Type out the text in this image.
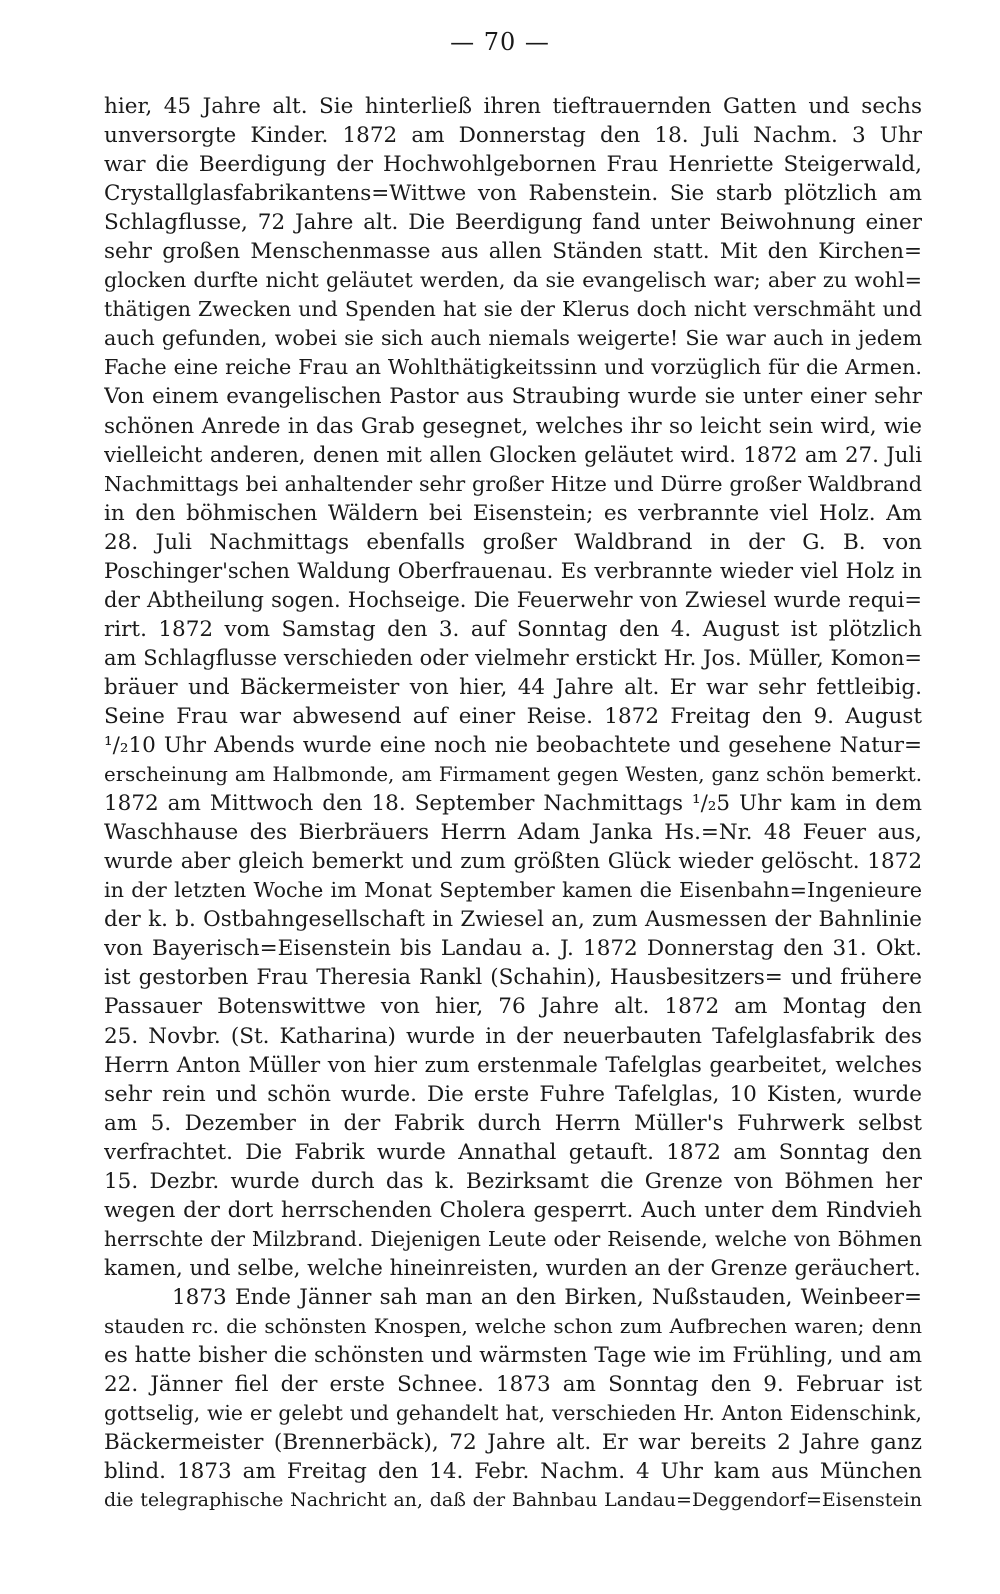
— 70 —
hier, 45 Jahre alt. Sie hinterließ ihren tieftrauernden Gatten und sechs
unversorgte Kinder. 1872 am Donnerstag den 18. Juli Nachm. 3 Uhr
war die Beerdigung der Hochwohlgebornen Frau Henriette Steigerwald,
Crystallglasfabrikantens=Wittwe von Rabenstein. Sie starb plötzlich am
Schlagflusse, 72 Jahre alt. Die Beerdigung fand unter Beiwohnung einer
sehr großen Menschenmasse aus allen Ständen statt. Mit den Kirchen=
glocken durfte nicht geläutet werden, da sie evangelisch war; aber zu wohl=
thätigen Zwecken und Spenden hat sie der Klerus doch nicht verschmäht und
auch gefunden, wobei sie sich auch niemals weigerte! Sie war auch in jedem
Fache eine reiche Frau an Wohlthätigkeitssinn und vorzüglich für die Armen.
Von einem evangelischen Pastor aus Straubing wurde sie unter einer sehr
schönen Anrede in das Grab gesegnet, welches ihr so leicht sein wird, wie
vielleicht anderen, denen mit allen Glocken geläutet wird. 1872 am 27. Juli
Nachmittags bei anhaltender sehr großer Hitze und Dürre großer Waldbrand
in den böhmischen Wäldern bei Eisenstein; es verbrannte viel Holz. Am
28. Juli Nachmittags ebenfalls großer Waldbrand in der G. B. von
Poschinger'schen Waldung Oberfrauenau. Es verbrannte wieder viel Holz in
der Abtheilung sogen. Hochseige. Die Feuerwehr von Zwiesel wurde requi=
rirt. 1872 vom Samstag den 3. auf Sonntag den 4. August ist plötzlich
am Schlagflusse verschieden oder vielmehr erstickt Hr. Jos. Müller, Komon=
bräuer und Bäckermeister von hier, 44 Jahre alt. Er war sehr fettleibig.
Seine Frau war abwesend auf einer Reise. 1872 Freitag den 9. August
¹/₂10 Uhr Abends wurde eine noch nie beobachtete und gesehene Natur=
erscheinung am Halbmonde, am Firmament gegen Westen, ganz schön bemerkt.
1872 am Mittwoch den 18. September Nachmittags ¹/₂5 Uhr kam in dem
Waschhause des Bierbräuers Herrn Adam Janka Hs.=Nr. 48 Feuer aus,
wurde aber gleich bemerkt und zum größten Glück wieder gelöscht. 1872
in der letzten Woche im Monat September kamen die Eisenbahn=Ingenieure
der k. b. Ostbahngesellschaft in Zwiesel an, zum Ausmessen der Bahnlinie
von Bayerisch=Eisenstein bis Landau a. J. 1872 Donnerstag den 31. Okt.
ist gestorben Frau Theresia Rankl (Schahin), Hausbesitzers= und frühere
Passauer Botenswittwe von hier, 76 Jahre alt. 1872 am Montag den
25. Novbr. (St. Katharina) wurde in der neuerbauten Tafelglasfabrik des
Herrn Anton Müller von hier zum erstenmale Tafelglas gearbeitet, welches
sehr rein und schön wurde. Die erste Fuhre Tafelglas, 10 Kisten, wurde
am 5. Dezember in der Fabrik durch Herrn Müller's Fuhrwerk selbst
verfrachtet. Die Fabrik wurde Annathal getauft. 1872 am Sonntag den
15. Dezbr. wurde durch das k. Bezirksamt die Grenze von Böhmen her
wegen der dort herrschenden Cholera gesperrt. Auch unter dem Rindvieh
herrschte der Milzbrand. Diejenigen Leute oder Reisende, welche von Böhmen
kamen, und selbe, welche hineinreisten, wurden an der Grenze geräuchert.
1873 Ende Jänner sah man an den Birken, Nußstauden, Weinbeer=
stauden rc. die schönsten Knospen, welche schon zum Aufbrechen waren; denn
es hatte bisher die schönsten und wärmsten Tage wie im Frühling, und am
22. Jänner fiel der erste Schnee. 1873 am Sonntag den 9. Februar ist
gottselig, wie er gelebt und gehandelt hat, verschieden Hr. Anton Eidenschink,
Bäckermeister (Brennerbäck), 72 Jahre alt. Er war bereits 2 Jahre ganz
blind. 1873 am Freitag den 14. Febr. Nachm. 4 Uhr kam aus München
die telegraphische Nachricht an, daß der Bahnbau Landau=Deggendorf=Eisenstein
